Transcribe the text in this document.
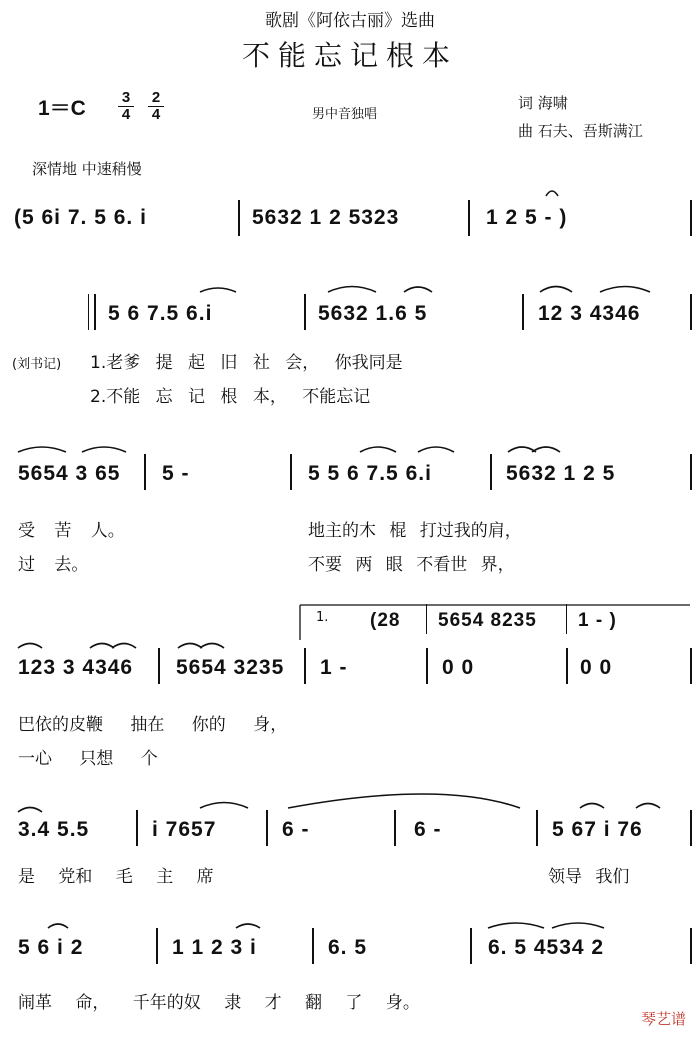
歌剧《阿依古丽》选曲
不能忘记根本
$1=C \frac{3}{4} \frac{2}{4}$	男中音独唱
词 海啸
曲 石夫、吾斯满江
深情地 中速稍慢
(5 6i 7. 5 6. i	5632 1 2 5323	1 2 5 - )
5 6 7.5 6.i	5632 1.6 5	12 3 4346
(刘书记) 1.老爹 提 起 旧 社 会， 你我同是
2.不能 忘 记 根 本， 不能忘记
5654 3 65 5 -	5 5 6 7.5 6.i	5632 1 2 5
受 苦 人。	地主的木 棍 打过我的肩，
过 去。	不要 两 眼 不看世 界，
1. (28 5654 8235 1 - )
123 3 4346 5654 3235 1 -	0 0	0 0
巴依的皮鞭 抽在 你的 身，
一心 只想 个
3.4 5.5	i 7657	6 -	6 -	5 67 i 76
是 党和 毛 主 席	领导 我们
5 6 i 2	1 1 2 3 i	6. 5	6. 5 4534 2
闹革 命， 千年的奴 隶 才 翻 了 身。
琴艺谱
